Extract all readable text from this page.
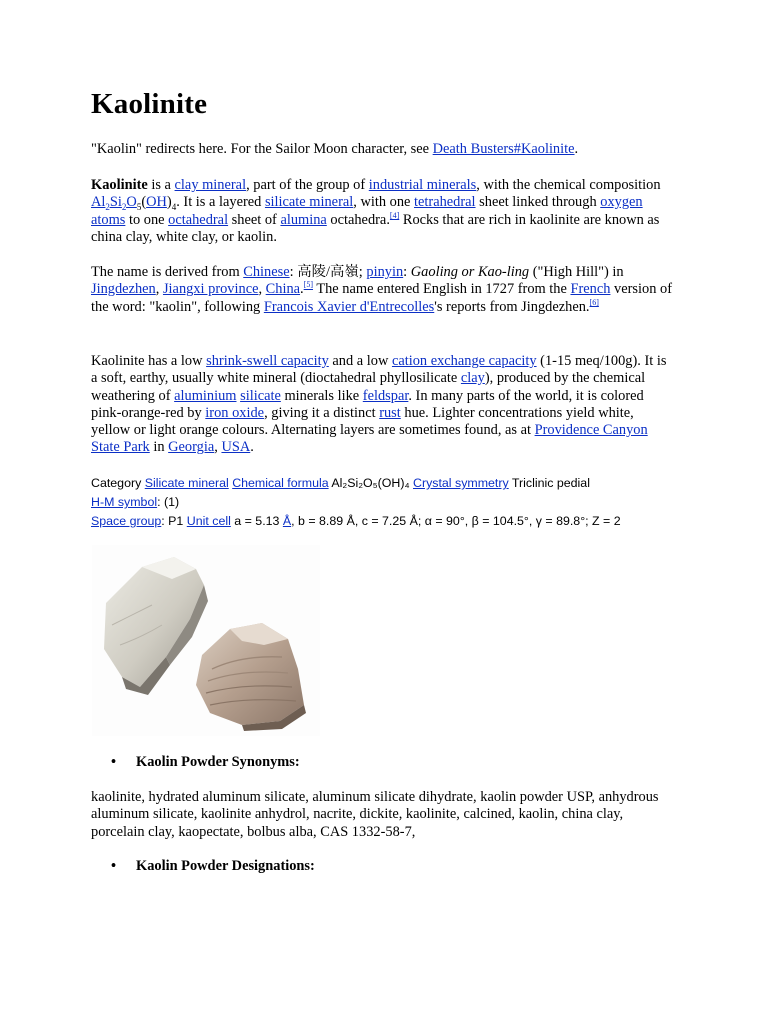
Kaolinite

"Kaolin" redirects here. For the Sailor Moon character, see Death Busters#Kaolinite.

Kaolinite is a clay mineral, part of the group of industrial minerals, with the chemical composition $Al_2Si_2O_5(OH)_4$. It is a layered silicate mineral, with one tetrahedral sheet linked through oxygen atoms to one octahedral sheet of alumina octahedra.[4] Rocks that are rich in kaolinite are known as china clay, white clay, or kaolin.

The name is derived from Chinese: 高陵/高嶺; pinyin: Gaoling or Kao-ling ("High Hill") in Jingdezhen, Jiangxi province, China.[5] The name entered English in 1727 from the French version of the word: "kaolin", following Francois Xavier d'Entrecolles's reports from Jingdezhen.[6]

Kaolinite has a low shrink-swell capacity and a low cation exchange capacity (1-15 meq/100g). It is a soft, earthy, usually white mineral (dioctahedral phyllosilicate clay), produced by the chemical weathering of aluminium silicate minerals like feldspar. In many parts of the world, it is colored pink-orange-red by iron oxide, giving it a distinct rust hue. Lighter concentrations yield white, yellow or light orange colours. Alternating layers are sometimes found, as at Providence Canyon State Park in Georgia, USA.

Category Silicate mineral Chemical formula Al₂Si₂O₅(OH)₄ Crystal symmetry Triclinic pedial
H-M symbol: (1)
Space group: P1 Unit cell a = 5.13 Å, b = 8.89 Å, c = 7.25 Å; α = 90°, β = 104.5°, γ = 89.8°; Z = 2
• Kaolin Powder Synonyms:

kaolinite, hydrated aluminum silicate, aluminum silicate dihydrate, kaolin powder USP, anhydrous aluminum silicate, kaolinite anhydrol, nacrite, dickite, kaolinite, calcined, kaolin, china clay, porcelain clay, kaopectate, bolbus alba, CAS 1332-58-7,

• Kaolin Powder Designations:
